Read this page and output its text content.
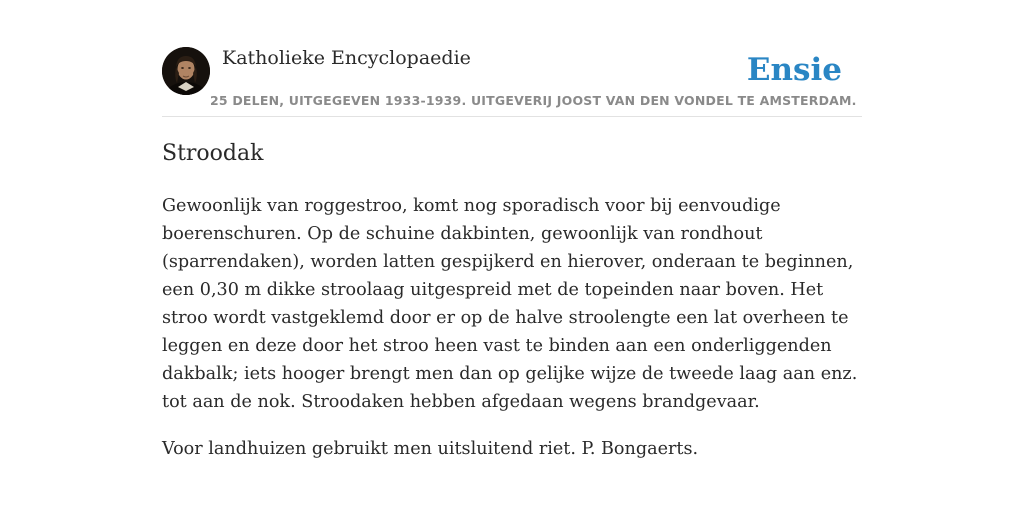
Katholieke Encyclopaedie
25 DELEN, UITGEGEVEN 1933-1939. UITGEVERIJ JOOST VAN DEN VONDEL TE AMSTERDAM.
Ensie
Stroodak

Gewoonlijk van roggestroo, komt nog sporadisch voor bij eenvoudige boerenschuren. Op de schuine dakbinten, gewoonlijk van rondhout (sparrendaken), worden latten gespijkerd en hierover, onderaan te beginnen, een 0,30 m dikke stroolaag uitgespreid met de topeinden naar boven. Het stroo wordt vastgeklemd door er op de halve stroolengte een lat overheen te leggen en deze door het stroo heen vast te binden aan een onderliggenden dakbalk; iets hooger brengt men dan op gelijke wijze de tweede laag aan enz. tot aan de nok. Stroodaken hebben afgedaan wegens brandgevaar.

Voor landhuizen gebruikt men uitsluitend riet. P. Bongaerts.
